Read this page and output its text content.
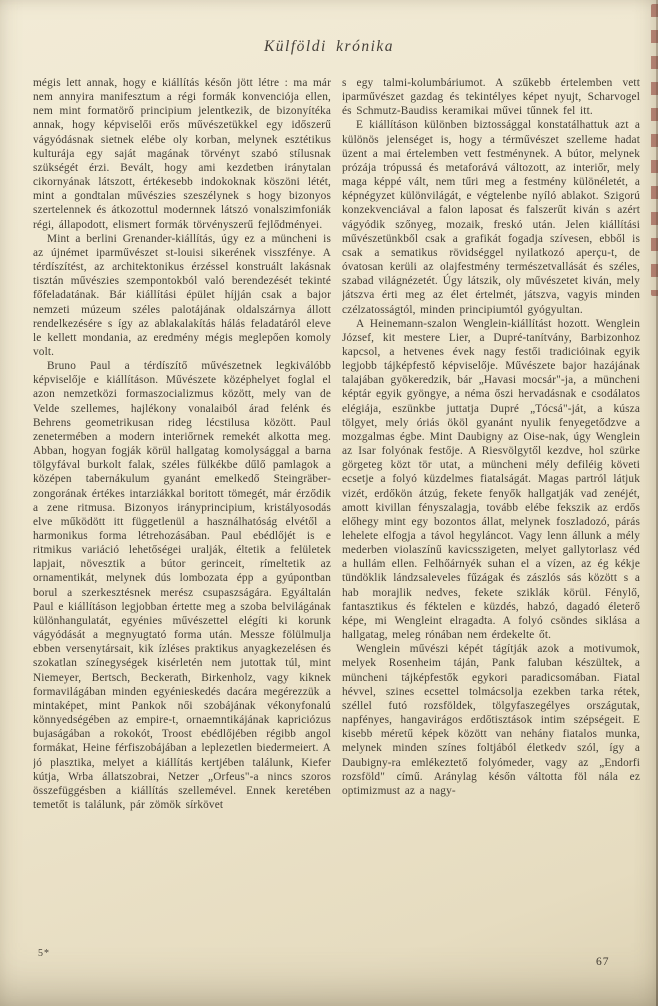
Külföldi krónika

mégis lett annak, hogy e kiállítás későn jött létre : ma már nem annyira manifesztum a régi formák konvenciója ellen, nem mint formatörő principium jelentkezik, de bizonyítéka annak, hogy képviselői erős művészetükkel egy időszerű vágyódásnak sietnek elébe oly korban, melynek esztétikus kulturája egy saját magának törvényt szabó stílusnak szükségét érzi. Bevált, hogy ami kezdetben iránytalan cikornyának látszott, értékesebb indokoknak köszöni létét, mint a gondtalan művészies szeszélynek s hogy bizonyos szertelennek és átkozottul modernnek látszó vonalszimfoniák régi, állapodott, elismert formák törvényszerű fejlődményei.

Mint a berlini Grenander-kiállítás, úgy ez a müncheni is az újnémet iparművészet st-louisi sikerének visszfénye. A térdíszítést, az architektonikus érzéssel konstruált lakásnak tisztán művészies szempontokból való berendezését tekinté főfeladatának. Bár kiállítási épület híjján csak a bajor nemzeti múzeum széles palotájának oldalszárnya állott rendelkezésére s így az ablakalakítás hálás feladatáról eleve le kellett mondania, az eredmény mégis meglepően komoly volt.

Bruno Paul a térdíszítő művészetnek legkiválóbb képviselője e kiállításon. Művészete középhelyet foglal el azon nemzetközi formaszocializmus között, mely van de Velde szellemes, hajlékony vonalaiból árad felénk és Behrens geometrikusan rideg lécstilusa között. Paul zenetermében a modern interiőrnek remekét alkotta meg. Abban, hogyan fogják körül hallgatag komolysággal a barna tölgyfával burkolt falak, széles fülkékbe dűlő pamlagok a középen tabernákulum gyanánt emelkedő Steingräber-zongorának értékes intarziákkal boritott tömegét, már érződik a zene ritmusa. Bizonyos irányprincipium, kristályosodás elve működött itt függetlenül a használhatóság elvétől a harmonikus forma létrehozásában. Paul ebédlőjét is e ritmikus variáció lehetőségei uralják, éltetik a felületek lapjait, növesztik a bútor gerinceit, rímeltetik az ornamentikát, melynek dús lombozata épp a gyúpontban borul a szerkesztésnek merész csupaszságára. Egyáltalán Paul e kiállításon legjobban értette meg a szoba belvilágának különhangulatát, egyénies művészettel elégíti ki korunk vágyódását a megnyugtató forma után. Messze fölülmulja ebben versenytársait, kik ízléses praktikus anyagkezelésen és szokatlan színegységek kisérletén nem jutottak túl, mint Niemeyer, Bertsch, Beckerath, Birkenholz, vagy kiknek formavilágában minden egyénieskedés dacára megérezzük a mintaképet, mint Pankok női szobájának vékonyfonalú könnyedségében az empire-t, ornaemntikájának kapriciózus bujaságában a rokokót, Troost ebédlőjében régibb angol formákat, Heine férfiszobájában a leplezetlen biedermeiert. A jó plasztika, melyet a kiállítás kertjében találunk, Kiefer kútja, Wrba állatszobrai, Netzer „Orfeus"-a nincs szoros összefüggésben a kiállítás szellemével. Ennek keretében temetőt is találunk, pár zömök sírkövet

s egy talmi-kolumbáriumot. A szűkebb értelemben vett iparművészet gazdag és tekintélyes képet nyujt, Scharvogel és Schmutz-Baudiss keramikai művei tűnnek fel itt.

E kiállításon különben biztossággal konstatálhattuk azt a különös jelenséget is, hogy a térművészet szelleme hadat üzent a mai értelemben vett festménynek. A bútor, melynek prózája trópussá és metaforává változott, az interiőr, mely maga képpé vált, nem tűri meg a festmény különéletét, a képnégyzet különvilágát, e végtelenbe nyíló ablakot. Szigorú konzekvenciával a falon laposat és falszerűt kiván s azért vágyódik szőnyeg, mozaik, freskó után. Jelen kiállítási művészetünkből csak a grafikát fogadja szívesen, ebből is csak a sematikus rövidséggel nyilatkozó aperçu-t, de óvatosan kerüli az olajfestmény természetvallását és széles, szabad világnézetét. Úgy látszik, oly művészetet kiván, mely játszva érti meg az élet értelmét, játszva, vagyis minden czélzatosságtól, minden principiumtól gyógyultan.

A Heinemann-szalon Wenglein-kiállítást hozott. Wenglein József, kit mestere Lier, a Dupré-tanítvány, Barbizonhoz kapcsol, a hetvenes évek nagy festői tradicióinak egyik legjobb tájképfestő képviselője. Művészete bajor hazájának talajában gyökeredzik, bár „Havasi mocsár"-ja, a müncheni képtár egyik gyöngye, a néma őszi hervadásnak e csodálatos elégiája, eszünkbe juttatja Dupré „Tócsá"-ját, a kúsza tölgyet, mely óriás ököl gyanánt nyulik fenyegetődzve a mozgalmas égbe. Mint Daubigny az Oise-nak, úgy Wenglein az Isar folyónak festője. A Riesvölgytől kezdve, hol szürke görgeteg közt tör utat, a müncheni mély defiléig követi ecsetje a folyó küzdelmes fiatalságát. Magas partról látjuk vizét, erdőkön átzúg, fekete fenyők hallgatják vad zenéjét, amott kivillan fényszalagja, tovább elébe fekszik az erdős előhegy mint egy bozontos állat, melynek foszladozó, párás lehelete elfogja a távol hegyláncot. Vagy lenn állunk a mély mederben violaszínű kavicsszigeten, melyet gallytorlasz véd a hullám ellen. Felhőárnyék suhan el a vízen, az ég kékje tündöklik lándzsaleveles fűzágak és zászlós sás között s a hab morajlik nedves, fekete sziklák körül. Fénylő, fantasztikus és féktelen e küzdés, habzó, dagadó életerő képe, mi Wengleint elragadta. A folyó csöndes siklása a hallgatag, meleg rónában nem érdekelte őt.

Wenglein művészi képét tágítják azok a motivumok, melyek Rosenheim táján, Pank faluban készültek, a müncheni tájképfestők egykori paradicsomában. Fiatal hévvel, szines ecsettel tolmácsolja ezekben tarka rétek, széllel futó rozsföldek, tölgyfaszegélyes országutak, napfényes, hangavirágos erdőtisztások intim szépségeit. E kisebb méretű képek között van nehány fiatalos munka, melynek minden színes foltjából életkedv szól, így a Daubigny-ra emlékeztető folyómeder, vagy az „Endorfi rozsföld" című. Aránylag későn váltotta föl nála ez optimizmust az a nagy-

5*
67
